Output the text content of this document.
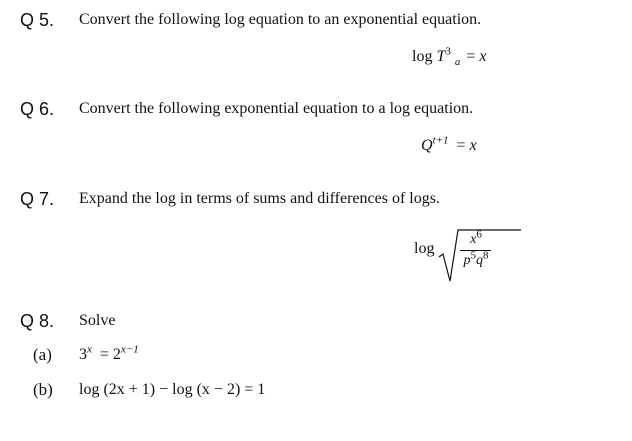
Q 5. Convert the following log equation to an exponential equation.
$\log T^3_a = x$
Q 6. Convert the following exponential equation to a log equation.
$Q^{t+1} = x$
Q 7. Expand the log in terms of sums and differences of logs.
$\log \frac{x^6}{p^5q^8}$
Q 8. Solve
(a) $3^x = 2^{x-1}$
(b) log (2x + 1) − log (x − 2) = 1
